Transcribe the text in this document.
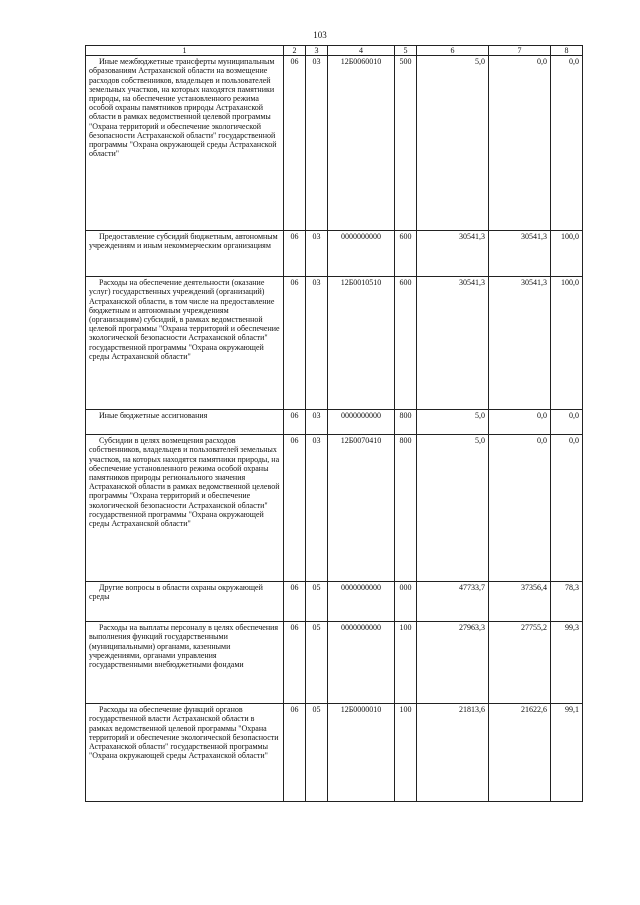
103
1	2	3	4	5	6	7	8

Иные межбюджетные трансферты муниципальным образованиям Астраханской области на возмещение расходов собственников, владельцев и пользователей земельных участков, на которых находятся памятники природы, на обеспечение установленного режима особой охраны памятников природы Астраханской области в рамках ведомственной целевой программы "Охрана территорий и обеспечение экологической безопасности Астраханской области" государственной программы "Охрана окружающей среды Астраханской области"	06	03	12Б0060010	500	5,0	0,0	0,0

Предоставление субсидий бюджетным, автономным учреждениям и иным некоммерческим организациям	06	03	0000000000	600	30541,3	30541,3	100,0

Расходы на обеспечение деятельности (оказание услуг) государственных учреждений (организаций) Астраханской области, в том числе на предоставление бюджетным и автономным учреждениям (организациям) субсидий, в рамках ведомственной целевой программы "Охрана территорий и обеспечение экологической безопасности Астраханской области" государственной программы "Охрана окружающей среды Астраханской области"	06	03	12Б0010510	600	30541,3	30541,3	100,0

Иные бюджетные ассигнования	06	03	0000000000	800	5,0	0,0	0,0

Субсидии в целях возмещения расходов собственников, владельцев и пользователей земельных участков, на которых находятся памятники природы, на обеспечение установленного режима особой охраны памятников природы регионального значения Астраханской области в рамках ведомственной целевой программы "Охрана территорий и обеспечение экологической безопасности Астраханской области" государственной программы "Охрана окружающей среды Астраханской области"	06	03	12Б0070410	800	5,0	0,0	0,0

Другие вопросы в области охраны окружающей среды	06	05	0000000000	000	47733,7	37356,4	78,3

Расходы на выплаты персоналу в целях обеспечения выполнения функций государственными (муниципальными) органами, казенными учреждениями, органами управления государственными внебюджетными фондами	06	05	0000000000	100	27963,3	27755,2	99,3

Расходы на обеспечение функций органов государственной власти Астраханской области в рамках ведомственной целевой программы "Охрана территорий и обеспечение экологической безопасности Астраханской области" государственной программы "Охрана окружающей среды Астраханской области"	06	05	12Б0000010	100	21813,6	21622,6	99,1
